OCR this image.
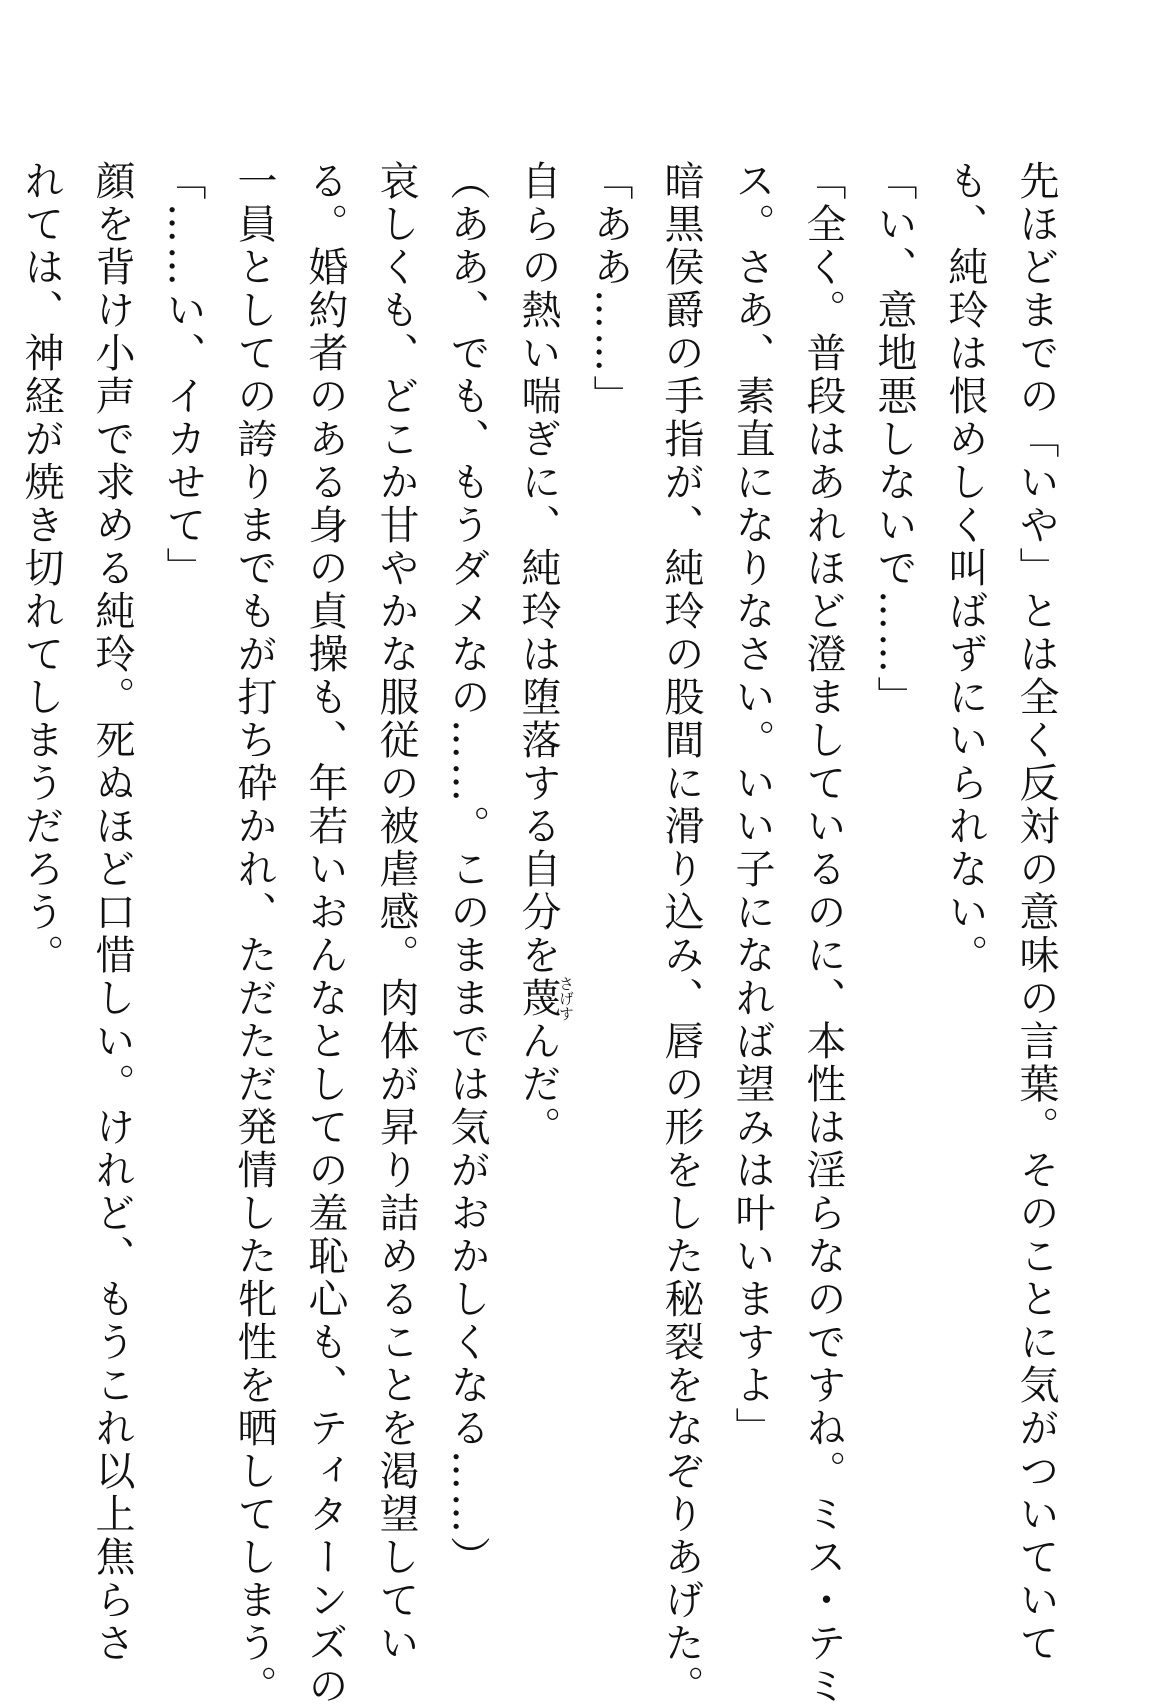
先ほどまでの「いや」とは全く反対の意味の言葉。そのことに気がついていて
も、純玲は恨めしく叫ばずにいられない。
「い、意地悪しないで……」
「全く。普段はあれほど澄ましているのに、本性は淫らなのですね。ミス・テミ
ス。さあ、素直になりなさい。いい子になれば望みは叶いますよ」
暗黒侯爵の手指が、純玲の股間に滑り込み、唇の形をした秘裂をなぞりあげた。
「ああ……」
自らの熱い喘ぎに、純玲は堕落する自分を蔑さげすんだ。
（ああ、でも、もうダメなの……。このままでは気がおかしくなる……）
哀しくも、どこか甘やかな服従の被虐感。肉体が昇り詰めることを渇望してい
る。婚約者のある身の貞操も、年若いおんなとしての羞恥心も、ティターンズの
一員としての誇りまでもが打ち砕かれ、ただただ発情した牝性を晒してしまう。
「……い、イカせて」
顔を背け小声で求める純玲。死ぬほど口惜しい。けれど、もうこれ以上焦らさ
れては、神経が焼き切れてしまうだろう。
